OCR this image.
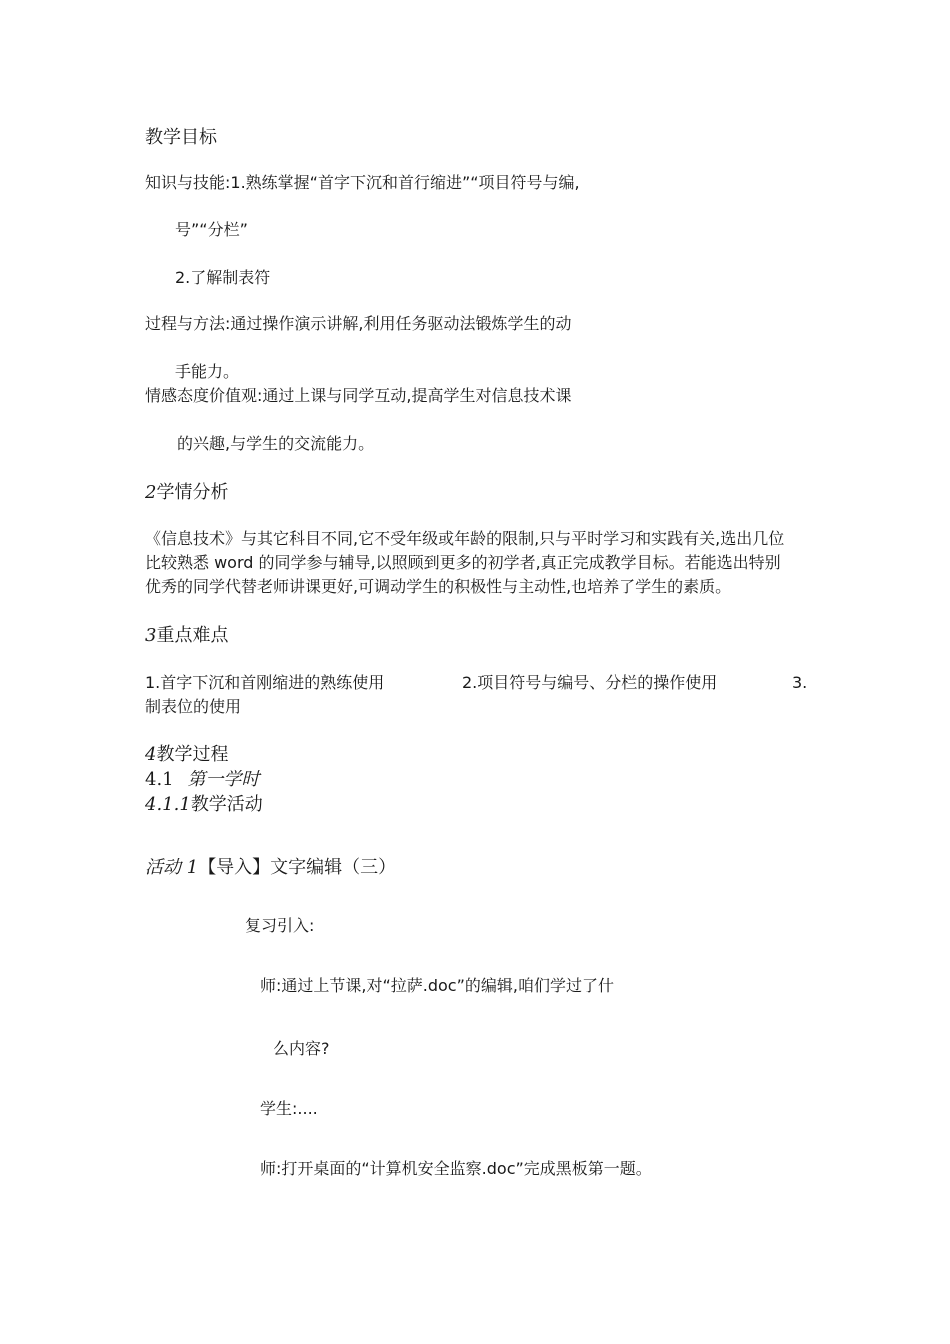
教学目标
知识与技能:1.熟练掌握“首字下沉和首行缩进”“项目符号与编,
号”“分栏”
2.了解制表符
过程与方法:通过操作演示讲解,利用任务驱动法锻炼学生的动
手能力。
情感态度价值观:通过上课与同学互动,提高学生对信息技术课
的兴趣,与学生的交流能力。
2学情分析
《信息技术》与其它科目不同,它不受年级或年龄的限制,只与平时学习和实践有关,选出几位
比较熟悉 word 的同学参与辅导,以照顾到更多的初学者,真正完成教学目标。若能选出特别
优秀的同学代替老师讲课更好,可调动学生的积极性与主动性,也培养了学生的素质。
3重点难点
1.首字下沉和首刚缩进的熟练使用	2.项目符号与编号、分栏的操作使用	3.
制表位的使用
4教学过程
4.1 第一学时
4.1.1教学活动
活动 1【导入】文字编辑（三）
复习引入:
师:通过上节课,对“拉萨.doc”的编辑,咱们学过了什
么内容?
学生:....
师:打开桌面的“计算机安全监察.doc”完成黑板第一题。
